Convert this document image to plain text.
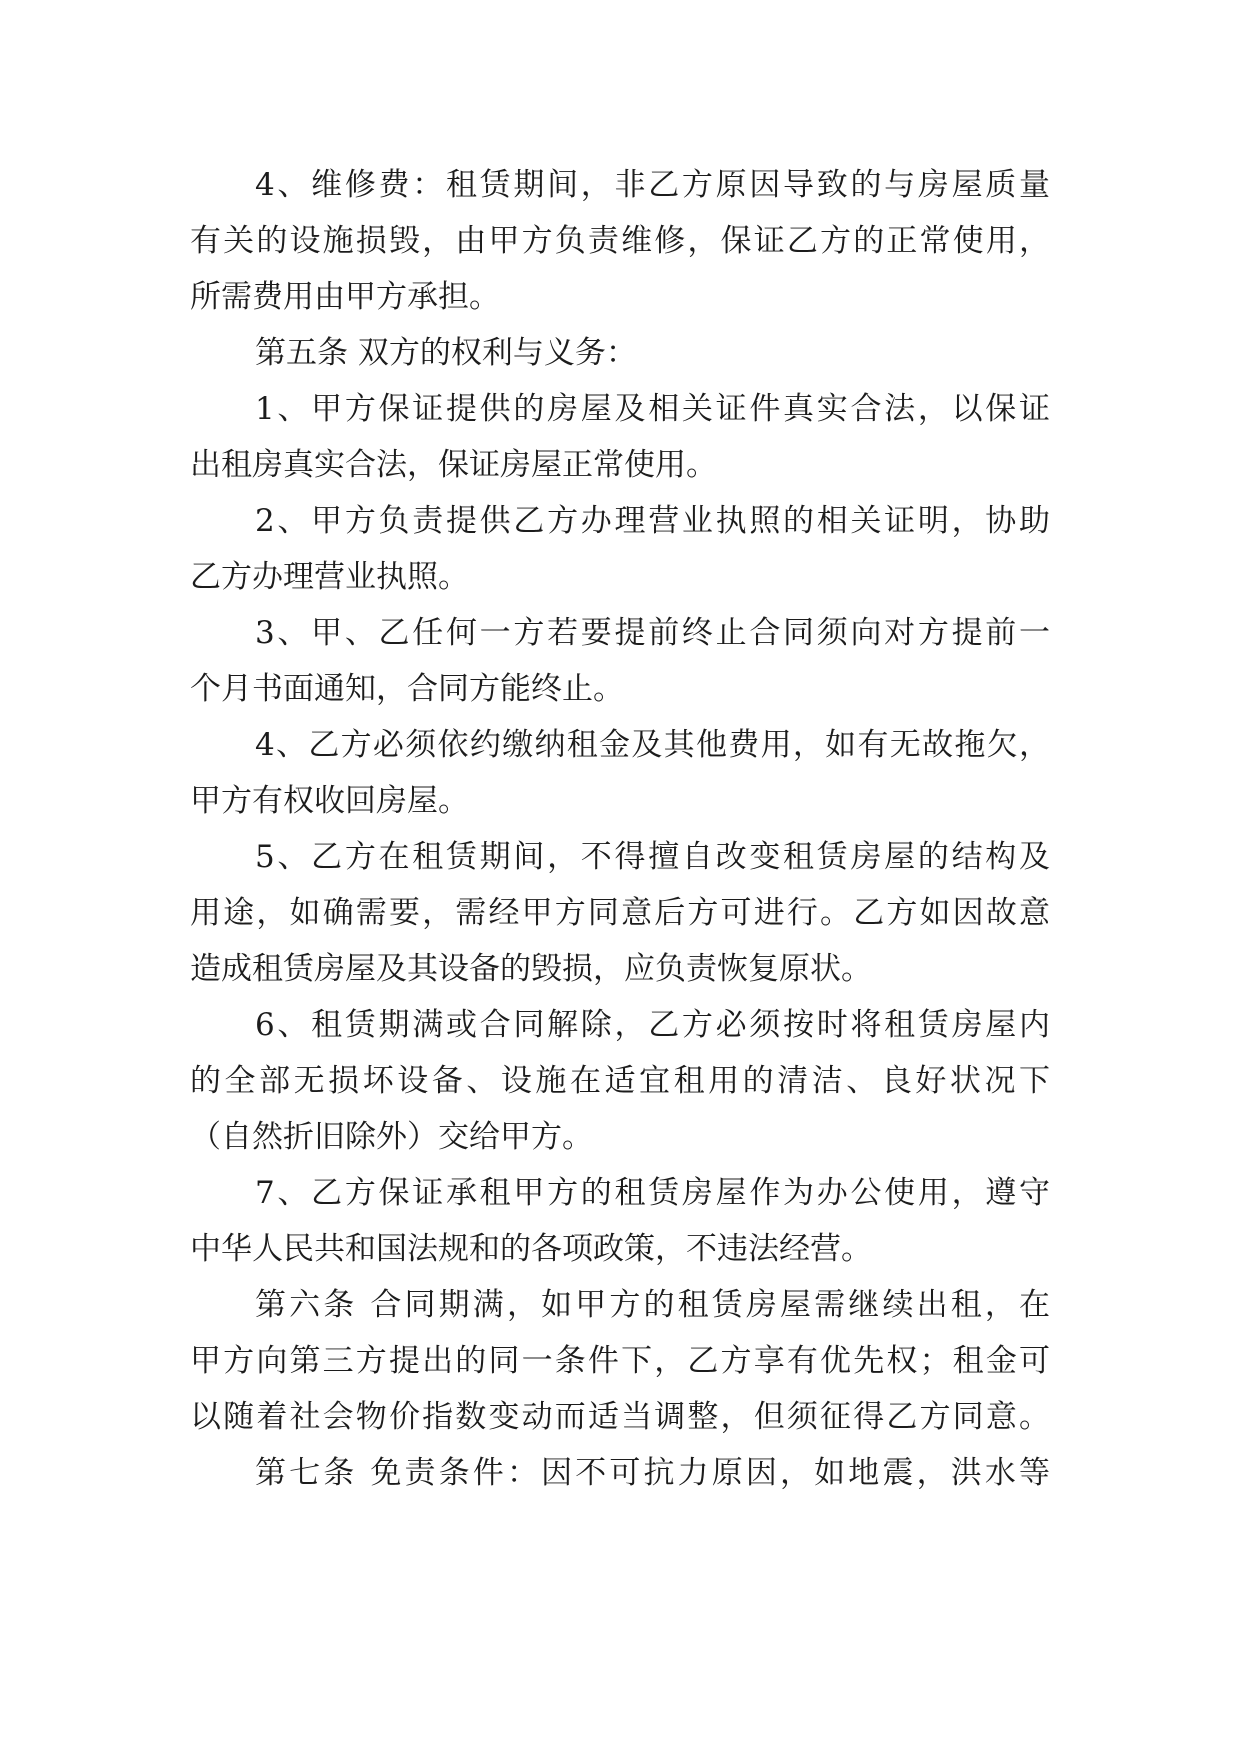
4、维修费：租赁期间，非乙方原因导致的与房屋质量
有关的设施损毁，由甲方负责维修，保证乙方的正常使用，
所需费用由甲方承担。
第五条 双方的权利与义务：
1、甲方保证提供的房屋及相关证件真实合法，以保证
出租房真实合法，保证房屋正常使用。
2、甲方负责提供乙方办理营业执照的相关证明，协助
乙方办理营业执照。
3、甲、乙任何一方若要提前终止合同须向对方提前一
个月书面通知，合同方能终止。
4、乙方必须依约缴纳租金及其他费用，如有无故拖欠，
甲方有权收回房屋。
5、乙方在租赁期间，不得擅自改变租赁房屋的结构及
用途，如确需要，需经甲方同意后方可进行。乙方如因故意
造成租赁房屋及其设备的毁损，应负责恢复原状。
6、租赁期满或合同解除，乙方必须按时将租赁房屋内
的全部无损坏设备、设施在适宜租用的清洁、良好状况下
（自然折旧除外）交给甲方。
7、乙方保证承租甲方的租赁房屋作为办公使用，遵守
中华人民共和国法规和的各项政策，不违法经营。
第六条 合同期满，如甲方的租赁房屋需继续出租，在
甲方向第三方提出的同一条件下，乙方享有优先权；租金可
以随着社会物价指数变动而适当调整，但须征得乙方同意。
第七条 免责条件：因不可抗力原因，如地震，洪水等
